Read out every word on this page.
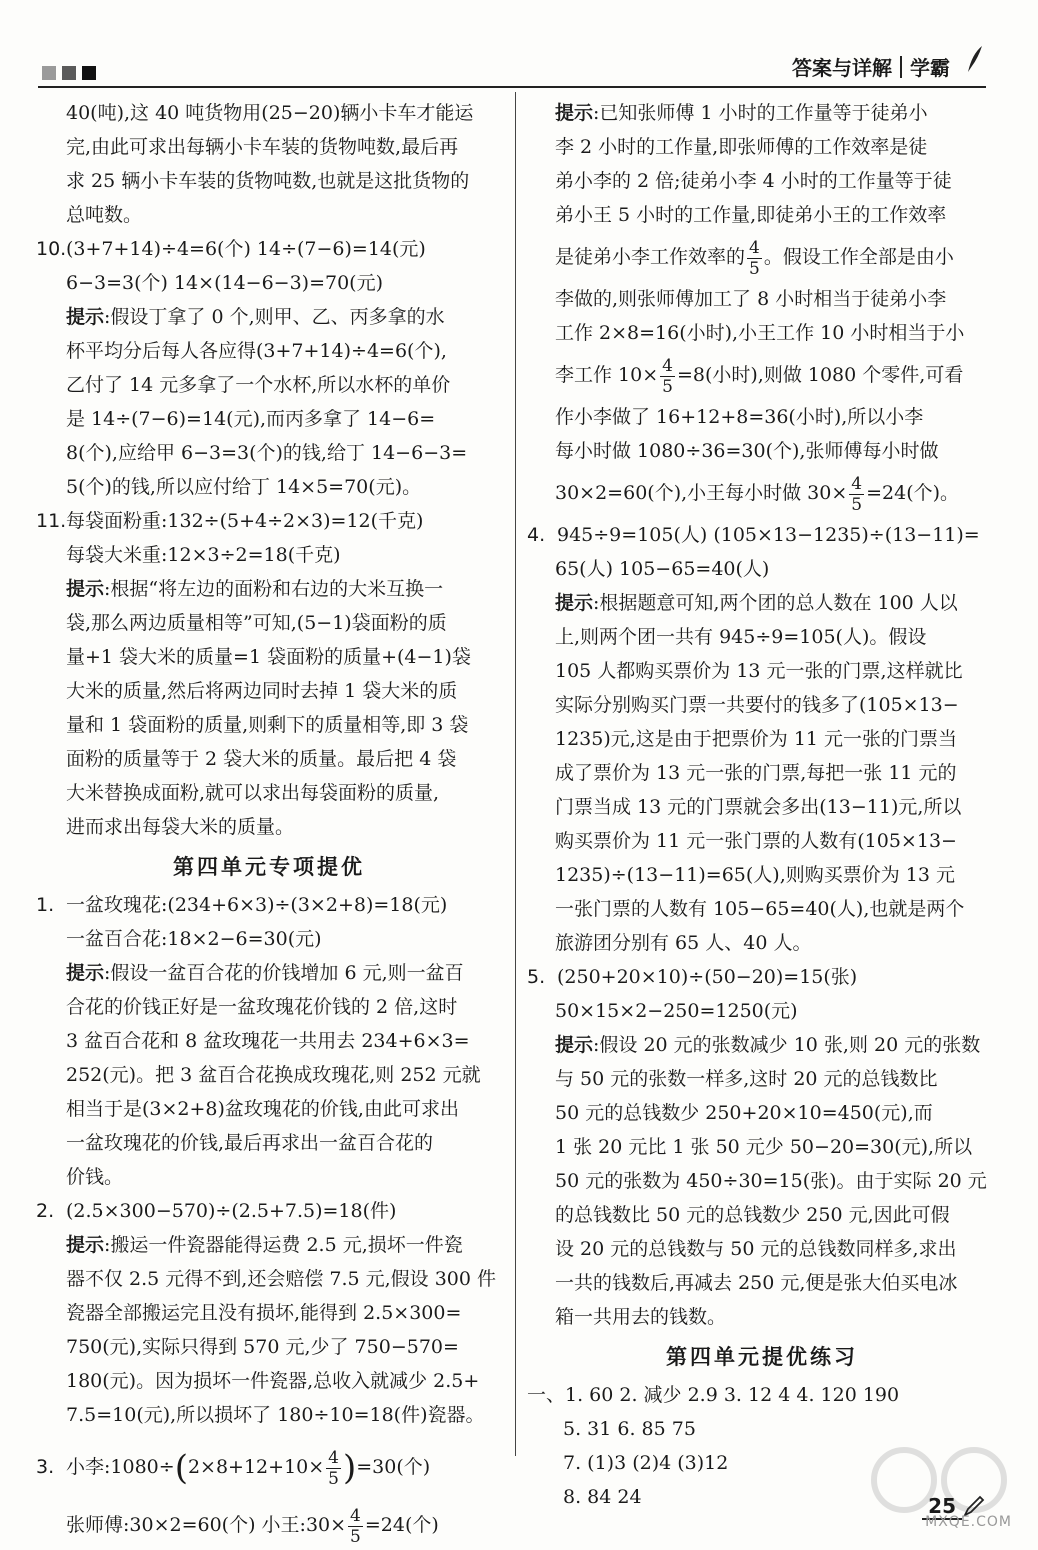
答案与详解 学霸

40(吨),这 40 吨货物用(25−20)辆小卡车才能运

完,由此可求出每辆小卡车装的货物吨数,最后再

求 25 辆小卡车装的货物吨数,也就是这批货物的

总吨数。

10.(3+7+14)÷4=6(个) 14÷(7−6)=14(元)

6−3=3(个) 14×(14−6−3)=70(元)

提示:假设丁拿了 0 个,则甲、乙、丙多拿的水

杯平均分后每人各应得(3+7+14)÷4=6(个),

乙付了 14 元多拿了一个水杯,所以水杯的单价

是 14÷(7−6)=14(元),而丙多拿了 14−6=

8(个),应给甲 6−3=3(个)的钱,给丁 14−6−3=

5(个)的钱,所以应付给丁 14×5=70(元)。

11.每袋面粉重:132÷(5+4÷2×3)=12(千克)

每袋大米重:12×3÷2=18(千克)

提示:根据“将左边的面粉和右边的大米互换一

袋,那么两边质量相等”可知,(5−1)袋面粉的质

量+1 袋大米的质量=1 袋面粉的质量+(4−1)袋

大米的质量,然后将两边同时去掉 1 袋大米的质

量和 1 袋面粉的质量,则剩下的质量相等,即 3 袋

面粉的质量等于 2 袋大米的质量。最后把 4 袋

大米替换成面粉,就可以求出每袋面粉的质量,

进而求出每袋大米的质量。

第四单元专项提优

1. 一盆玫瑰花:(234+6×3)÷(3×2+8)=18(元)

一盆百合花:18×2−6=30(元)

提示:假设一盆百合花的价钱增加 6 元,则一盆百

合花的价钱正好是一盆玫瑰花价钱的 2 倍,这时

3 盆百合花和 8 盆玫瑰花一共用去 234+6×3=

252(元)。把 3 盆百合花换成玫瑰花,则 252 元就

相当于是(3×2+8)盆玫瑰花的价钱,由此可求出

一盆玫瑰花的价钱,最后再求出一盆百合花的

价钱。

2. (2.5×300−570)÷(2.5+7.5)=18(件)

提示:搬运一件瓷器能得运费 2.5 元,损坏一件瓷

器不仅 2.5 元得不到,还会赔偿 7.5 元,假设 300 件

瓷器全部搬运完且没有损坏,能得到 2.5×300=

750(元),实际只得到 570 元,少了 750−570=

180(元)。因为损坏一件瓷器,总收入就减少 2.5+

7.5=10(元),所以损坏了 180÷10=18(件)瓷器。

3. 小李:1080÷(2×8+12+10× $\frac{4}{5} )=30$(个)

张师傅:30×2=60(个) 小王:30× $\frac{4}{5} =24$(个)

提示:已知张师傅 1 小时的工作量等于徒弟小

李 2 小时的工作量,即张师傅的工作效率是徒

弟小李的 2 倍;徒弟小李 4 小时的工作量等于徒

弟小王 5 小时的工作量,即徒弟小王的工作效率

是徒弟小李工作效率的 $\frac{4}{5}$ 。假设工作全部是由小

李做的,则张师傅加工了 8 小时相当于徒弟小李

工作 2×8=16(小时),小王工作 10 小时相当于小

李工作 $10\times \frac{4}{5} =8$(小时),则做 1080 个零件,可看

作小李做了 16+12+8=36(小时),所以小李

每小时做 1080÷36=30(个),张师傅每小时做

30×2=60(个),小王每小时做 $30\times \frac{4}{5} =24$(个)。

4. 945÷9=105(人) (105×13−1235)÷(13−11)=

65(人) 105−65=40(人)

提示:根据题意可知,两个团的总人数在 100 人以

上,则两个团一共有 945÷9=105(人)。假设

105 人都购买票价为 13 元一张的门票,这样就比

实际分别购买门票一共要付的钱多了(105×13−

1235)元,这是由于把票价为 11 元一张的门票当

成了票价为 13 元一张的门票,每把一张 11 元的

门票当成 13 元的门票就会多出(13−11)元,所以

购买票价为 11 元一张门票的人数有(105×13−

1235)÷(13−11)=65(人),则购买票价为 13 元

一张门票的人数有 105−65=40(人),也就是两个

旅游团分别有 65 人、40 人。

5. (250+20×10)÷(50−20)=15(张)

50×15×2−250=1250(元)

提示:假设 20 元的张数减少 10 张,则 20 元的张数

与 50 元的张数一样多,这时 20 元的总钱数比

50 元的总钱数少 250+20×10=450(元),而

1 张 20 元比 1 张 50 元少 50−20=30(元),所以

50 元的张数为 450÷30=15(张)。由于实际 20 元

的总钱数比 50 元的总钱数少 250 元,因此可假

设 20 元的总钱数与 50 元的总钱数同样多,求出

一共的钱数后,再减去 250 元,便是张大伯买电冰

箱一共用去的钱数。

第四单元提优练习

一、1. 60 2. 减少 2.9 3. 12 4 4. 120 190

5. 31 6. 85 75

7. (1)3 (2)4 (3)12

8. 84 24	25
MXQE.COM
